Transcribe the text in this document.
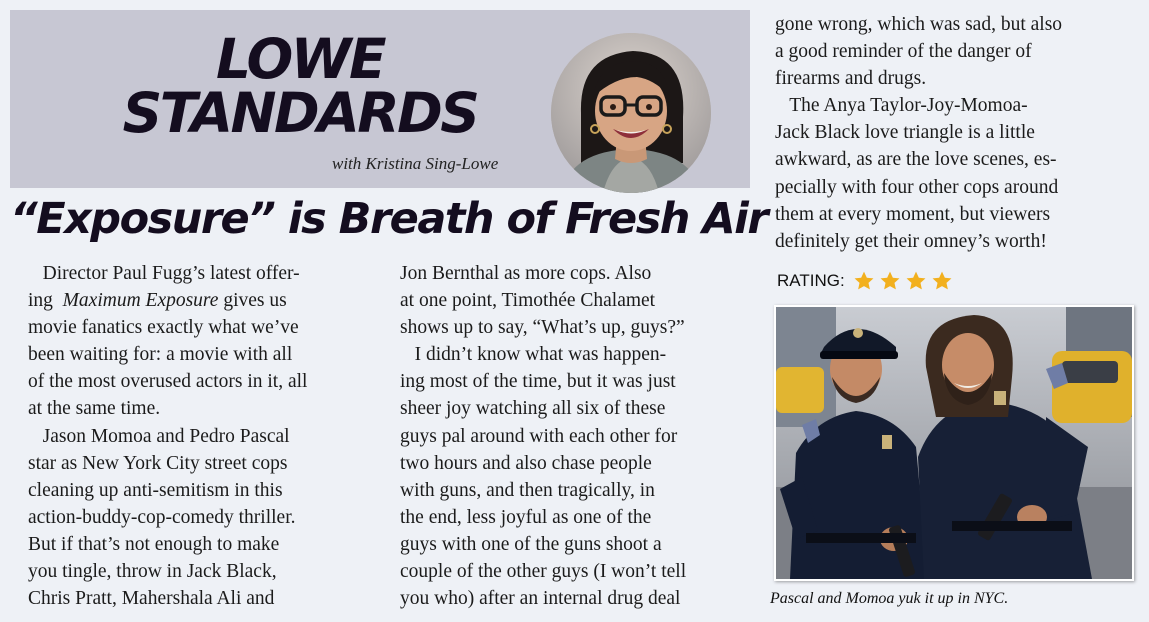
LOWE
STANDARDS
with Kristina Sing-Lowe
“Exposure” is Breath of Fresh Air

Director Paul Fugg’s latest offer-

ing  Maximum Exposure gives us

movie fanatics exactly what we’ve

been waiting for: a movie with all

of the most overused actors in it, all

at the same time.

Jason Momoa and Pedro Pascal

star as New York City street cops

cleaning up anti-semitism in this

action-buddy-cop-comedy thriller.

But if that’s not enough to make

you tingle, throw in Jack Black,

Chris Pratt, Mahershala Ali and

Jon Bernthal as more cops. Also

at one point, Timothée Chalamet

shows up to say, “What’s up, guys?”

I didn’t know what was happen-

ing most of the time, but it was just

sheer joy watching all six of these

guys pal around with each other for

two hours and also chase people

with guns, and then tragically, in

the end, less joyful as one of the

guys with one of the guns shoot a

couple of the other guys (I won’t tell

you who) after an internal drug deal

gone wrong, which was sad, but also

a good reminder of the danger of

firearms and drugs.

The Anya Taylor-Joy-Momoa-

Jack Black love triangle is a little

awkward, as are the love scenes, es-

pecially with four other cops around

them at every moment, but viewers

definitely get their omney’s worth!

RATING:
Pascal and Momoa yuk it up in NYC.
